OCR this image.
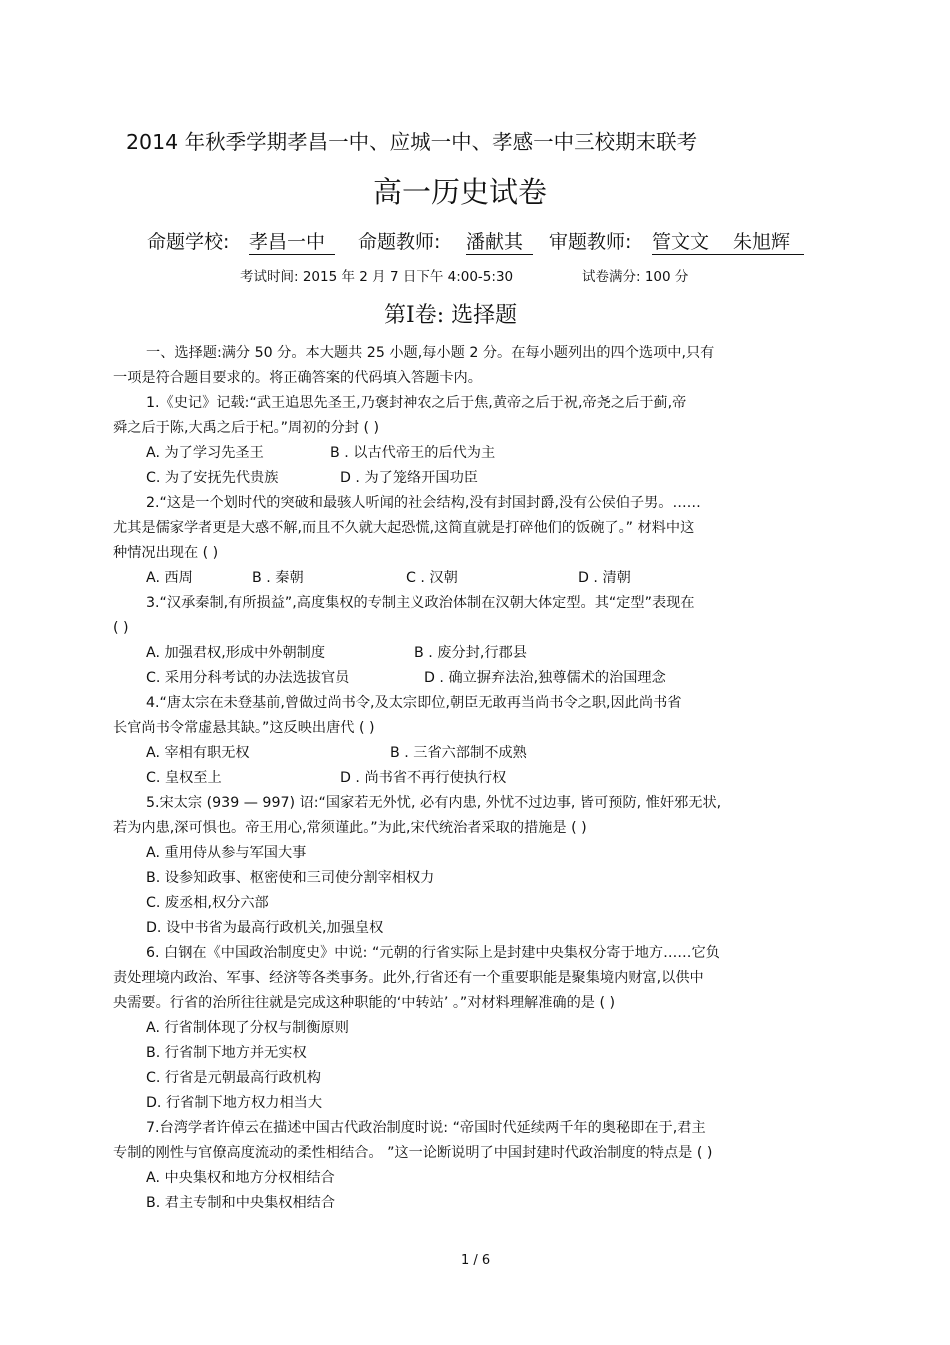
2014 年秋季学期孝昌一中、应城一中、孝感一中三校期末联考
高一历史试卷
命题学校: 孝昌一中	命题教师: 潘献其	审题教师: 管文文 朱旭辉
考试时间: 2015 年 2 月 7 日下午 4:00-5:30	试卷满分: 100 分
第Ⅰ卷: 选择题
一、选择题:满分 50 分。本大题共 25 小题,每小题 2 分。在每小题列出的四个选项中,只有
一项是符合题目要求的。将正确答案的代码填入答题卡内。
1.《史记》记载:“武王追思先圣王,乃褒封神农之后于焦,黄帝之后于祝,帝尧之后于蓟,帝
舜之后于陈,大禹之后于杞。”周初的分封 ( )
A. 为了学习先圣王	B . 以古代帝王的后代为主
C. 为了安抚先代贵族	D . 为了笼络开国功臣
2.“这是一个划时代的突破和最骇人听闻的社会结构,没有封国封爵,没有公侯伯子男。……
尤其是儒家学者更是大惑不解,而且不久就大起恐慌,这简直就是打碎他们的饭碗了。” 材料中这
种情况出现在 ( )
A. 西周	B . 秦朝	C . 汉朝	D . 清朝
3.“汉承秦制,有所损益”,高度集权的专制主义政治体制在汉朝大体定型。其“定型”表现在
( )
A. 加强君权,形成中外朝制度	B . 废分封,行郡县
C. 采用分科考试的办法选拔官员	D . 确立摒弃法治,独尊儒术的治国理念
4.“唐太宗在未登基前,曾做过尚书令,及太宗即位,朝臣无敢再当尚书令之职,因此尚书省
长官尚书令常虚悬其缺。”这反映出唐代 ( )
A. 宰相有职无权	B . 三省六部制不成熟
C. 皇权至上	D . 尚书省不再行使执行权
5.宋太宗 (939 — 997) 诏:“国家若无外忧, 必有内患, 外忧不过边事, 皆可预防, 惟奸邪无状,
若为内患,深可惧也。帝王用心,常须谨此。”为此,宋代统治者采取的措施是 ( )
A. 重用侍从参与军国大事
B. 设参知政事、枢密使和三司使分割宰相权力
C. 废丞相,权分六部
D. 设中书省为最高行政机关,加强皇权
6. 白钢在《中国政治制度史》中说: “元朝的行省实际上是封建中央集权分寄于地方……它负
责处理境内政治、军事、经济等各类事务。此外,行省还有一个重要职能是聚集境内财富,以供中
央需要。行省的治所往往就是完成这种职能的‘中转站’ 。”对材料理解准确的是 ( )
A. 行省制体现了分权与制衡原则
B. 行省制下地方并无实权
C. 行省是元朝最高行政机构
D. 行省制下地方权力相当大
7.台湾学者许倬云在描述中国古代政治制度时说: “帝国时代延续两千年的奥秘即在于,君主
专制的刚性与官僚高度流动的柔性相结合。 ”这一论断说明了中国封建时代政治制度的特点是 ( )
A. 中央集权和地方分权相结合
B. 君主专制和中央集权相结合
1 / 6
